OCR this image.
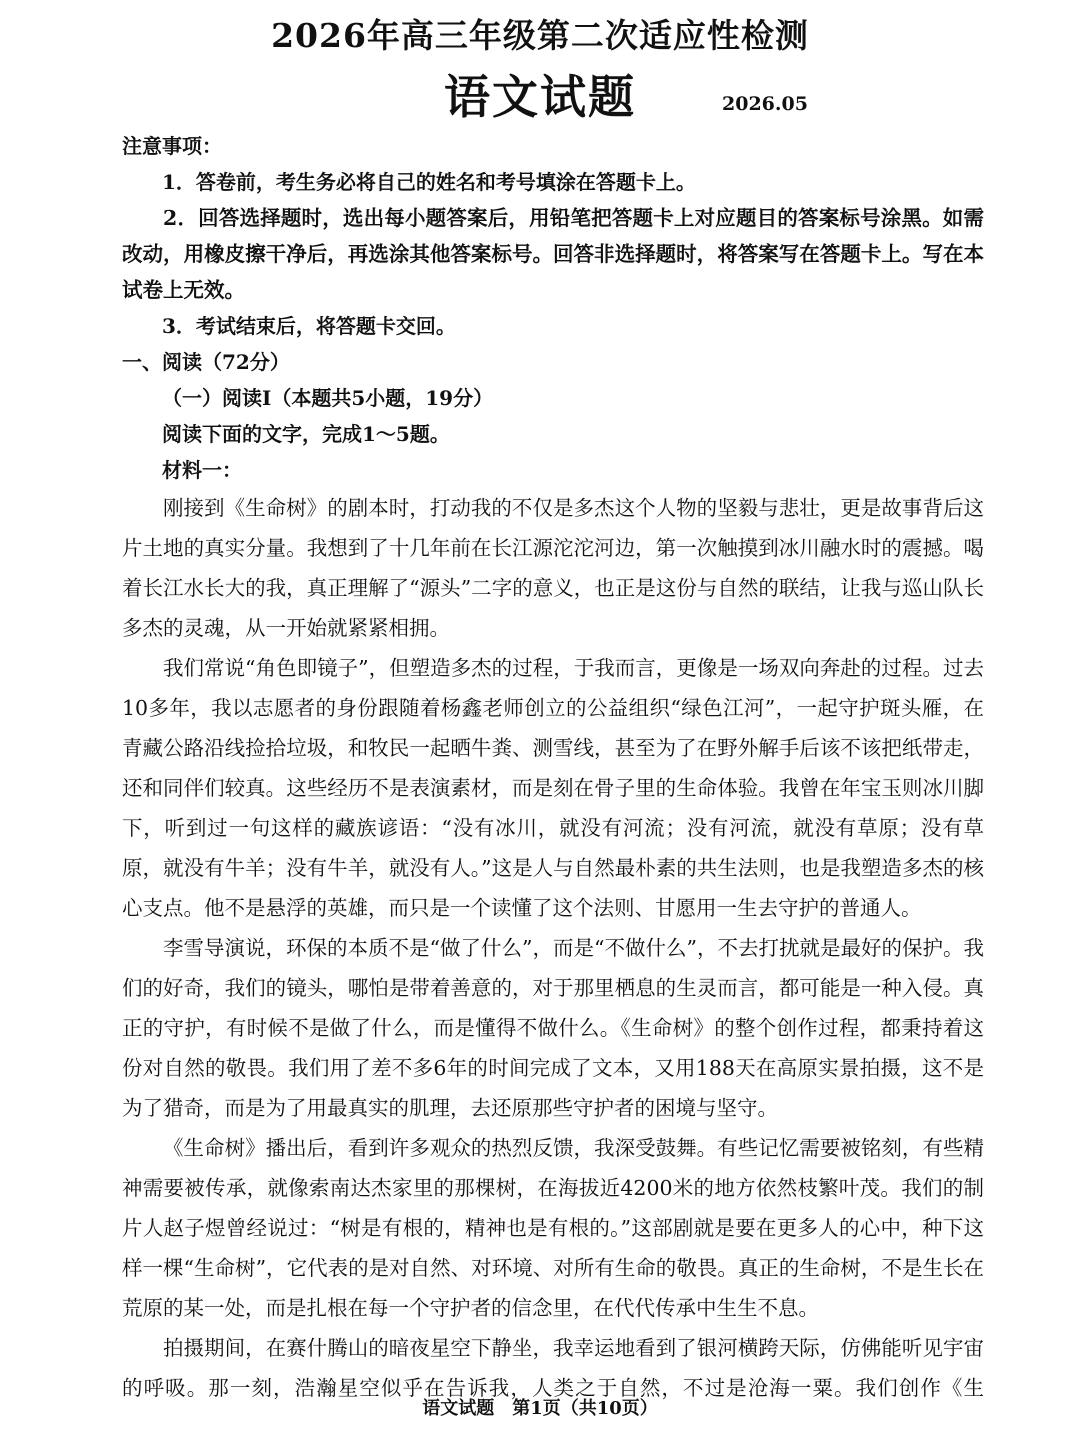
2026年高三年级第二次适应性检测
语文试题	2026.05

注意事项：

1．答卷前，考生务必将自己的姓名和考号填涂在答题卡上。

2．回答选择题时，选出每小题答案后，用铅笔把答题卡上对应题目的答案标号涂黑。如需改动，用橡皮擦干净后，再选涂其他答案标号。回答非选择题时，将答案写在答题卡上。写在本试卷上无效。

3．考试结束后，将答题卡交回。

一、阅读（72分）

（一）阅读Ⅰ（本题共5小题，19分）

阅读下面的文字，完成1～5题。

材料一：

刚接到《生命树》的剧本时，打动我的不仅是多杰这个人物的坚毅与悲壮，更是故事背后这片土地的真实分量。我想到了十几年前在长江源沱沱河边，第一次触摸到冰川融水时的震撼。喝着长江水长大的我，真正理解了“源头”二字的意义，也正是这份与自然的联结，让我与巡山队长多杰的灵魂，从一开始就紧紧相拥。

我们常说“角色即镜子”，但塑造多杰的过程，于我而言，更像是一场双向奔赴的过程。过去10多年，我以志愿者的身份跟随着杨鑫老师创立的公益组织“绿色江河”，一起守护斑头雁，在青藏公路沿线捡拾垃圾，和牧民一起晒牛粪、测雪线，甚至为了在野外解手后该不该把纸带走，还和同伴们较真。这些经历不是表演素材，而是刻在骨子里的生命体验。我曾在年宝玉则冰川脚下，听到过一句这样的藏族谚语：“没有冰川，就没有河流；没有河流，就没有草原；没有草原，就没有牛羊；没有牛羊，就没有人。”这是人与自然最朴素的共生法则，也是我塑造多杰的核心支点。他不是悬浮的英雄，而只是一个读懂了这个法则、甘愿用一生去守护的普通人。

李雪导演说，环保的本质不是“做了什么”，而是“不做什么”，不去打扰就是最好的保护。我们的好奇，我们的镜头，哪怕是带着善意的，对于那里栖息的生灵而言，都可能是一种入侵。真正的守护，有时候不是做了什么，而是懂得不做什么。《生命树》的整个创作过程，都秉持着这份对自然的敬畏。我们用了差不多6年的时间完成了文本，又用188天在高原实景拍摄，这不是为了猎奇，而是为了用最真实的肌理，去还原那些守护者的困境与坚守。

《生命树》播出后，看到许多观众的热烈反馈，我深受鼓舞。有些记忆需要被铭刻，有些精神需要被传承，就像索南达杰家里的那棵树，在海拔近4200米的地方依然枝繁叶茂。我们的制片人赵子煜曾经说过：“树是有根的，精神也是有根的。”这部剧就是要在更多人的心中，种下这样一棵“生命树”，它代表的是对自然、对环境、对所有生命的敬畏。真正的生命树，不是生长在荒原的某一处，而是扎根在每一个守护者的信念里，在代代传承中生生不息。

拍摄期间，在赛什腾山的暗夜星空下静坐，我幸运地看到了银河横跨天际，仿佛能听见宇宙的呼吸。那一刻，浩瀚星空似乎在告诉我，人类之于自然，不过是沧海一粟。我们创作《生

语文试题　第1页（共10页）
